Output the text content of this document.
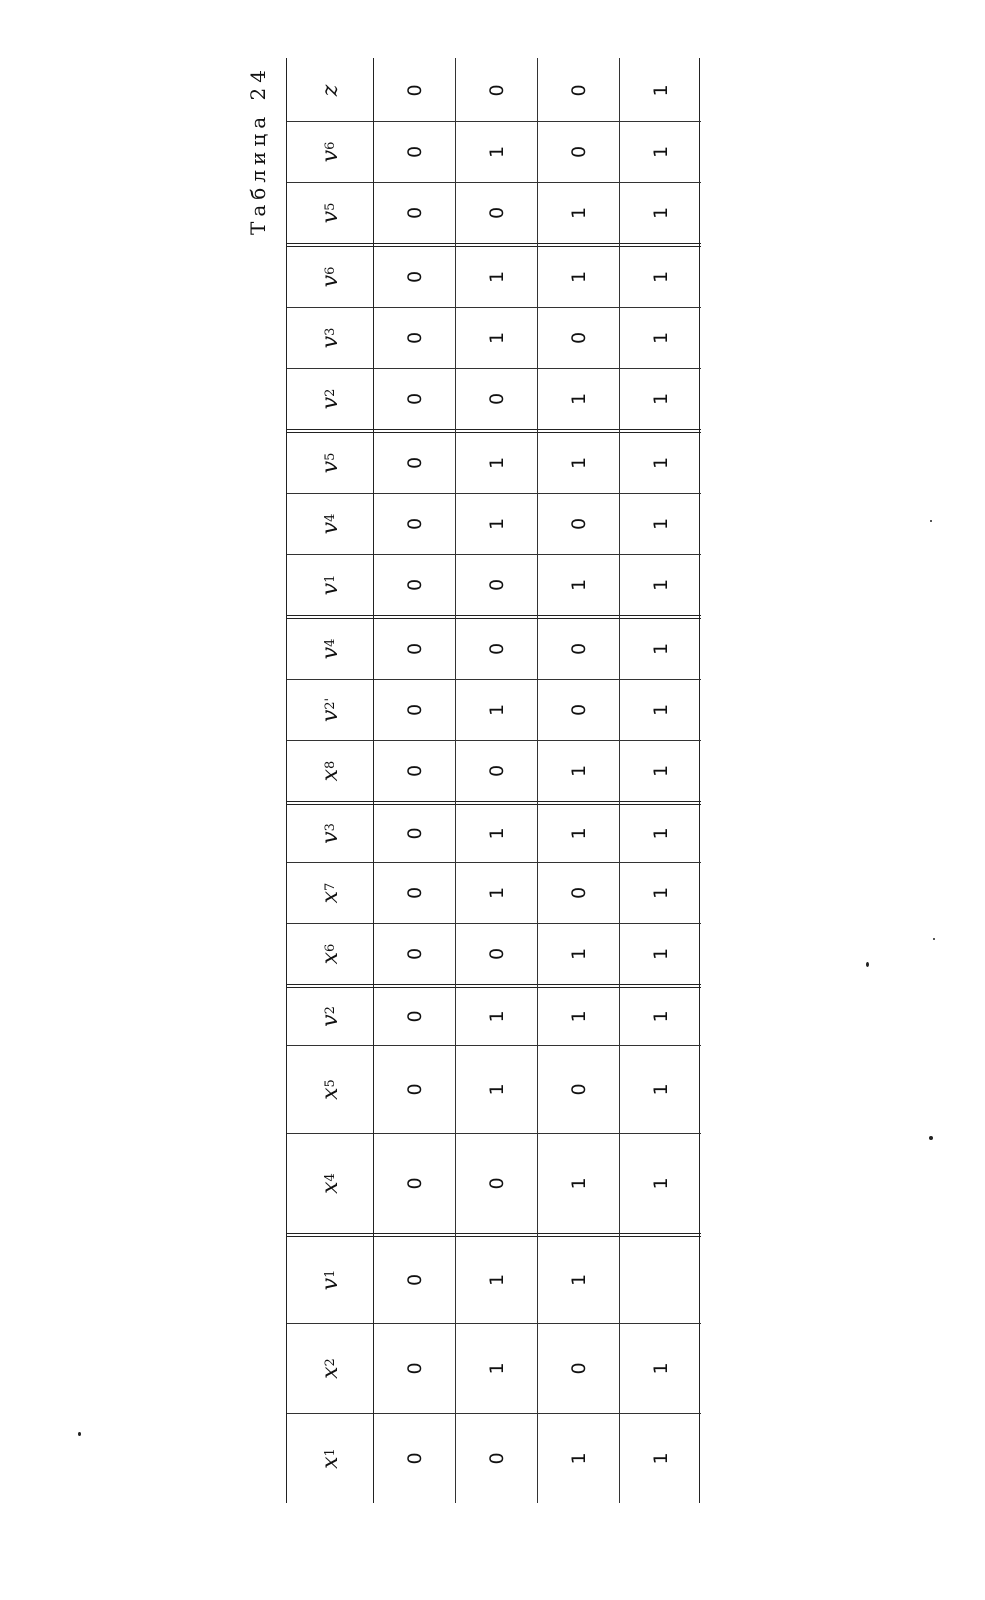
Таблица 24
x
1
x
2
v
1
x
4
x
5
v
2
x
6
x
7
v
3
x
8
v
2'
v
4
v
1
v
4
v
5
v
2
v
3
v
6
v
5
v
6
z
0
0
0
0
0
0
0
0
0
0
0
0
0
0
0
0
0
0
0
0
0
0
1
1
0
1
1
0
1
1
0
1
0
0
1
1
0
1
1
0
1
0
1
0
1
1
0
1
1
0
1
1
0
0
1
0
1
1
0
1
1
0
0
1
1
1
1
1
1
1
1
1
1
1
1
1
1
1
1
1
1
1
1
